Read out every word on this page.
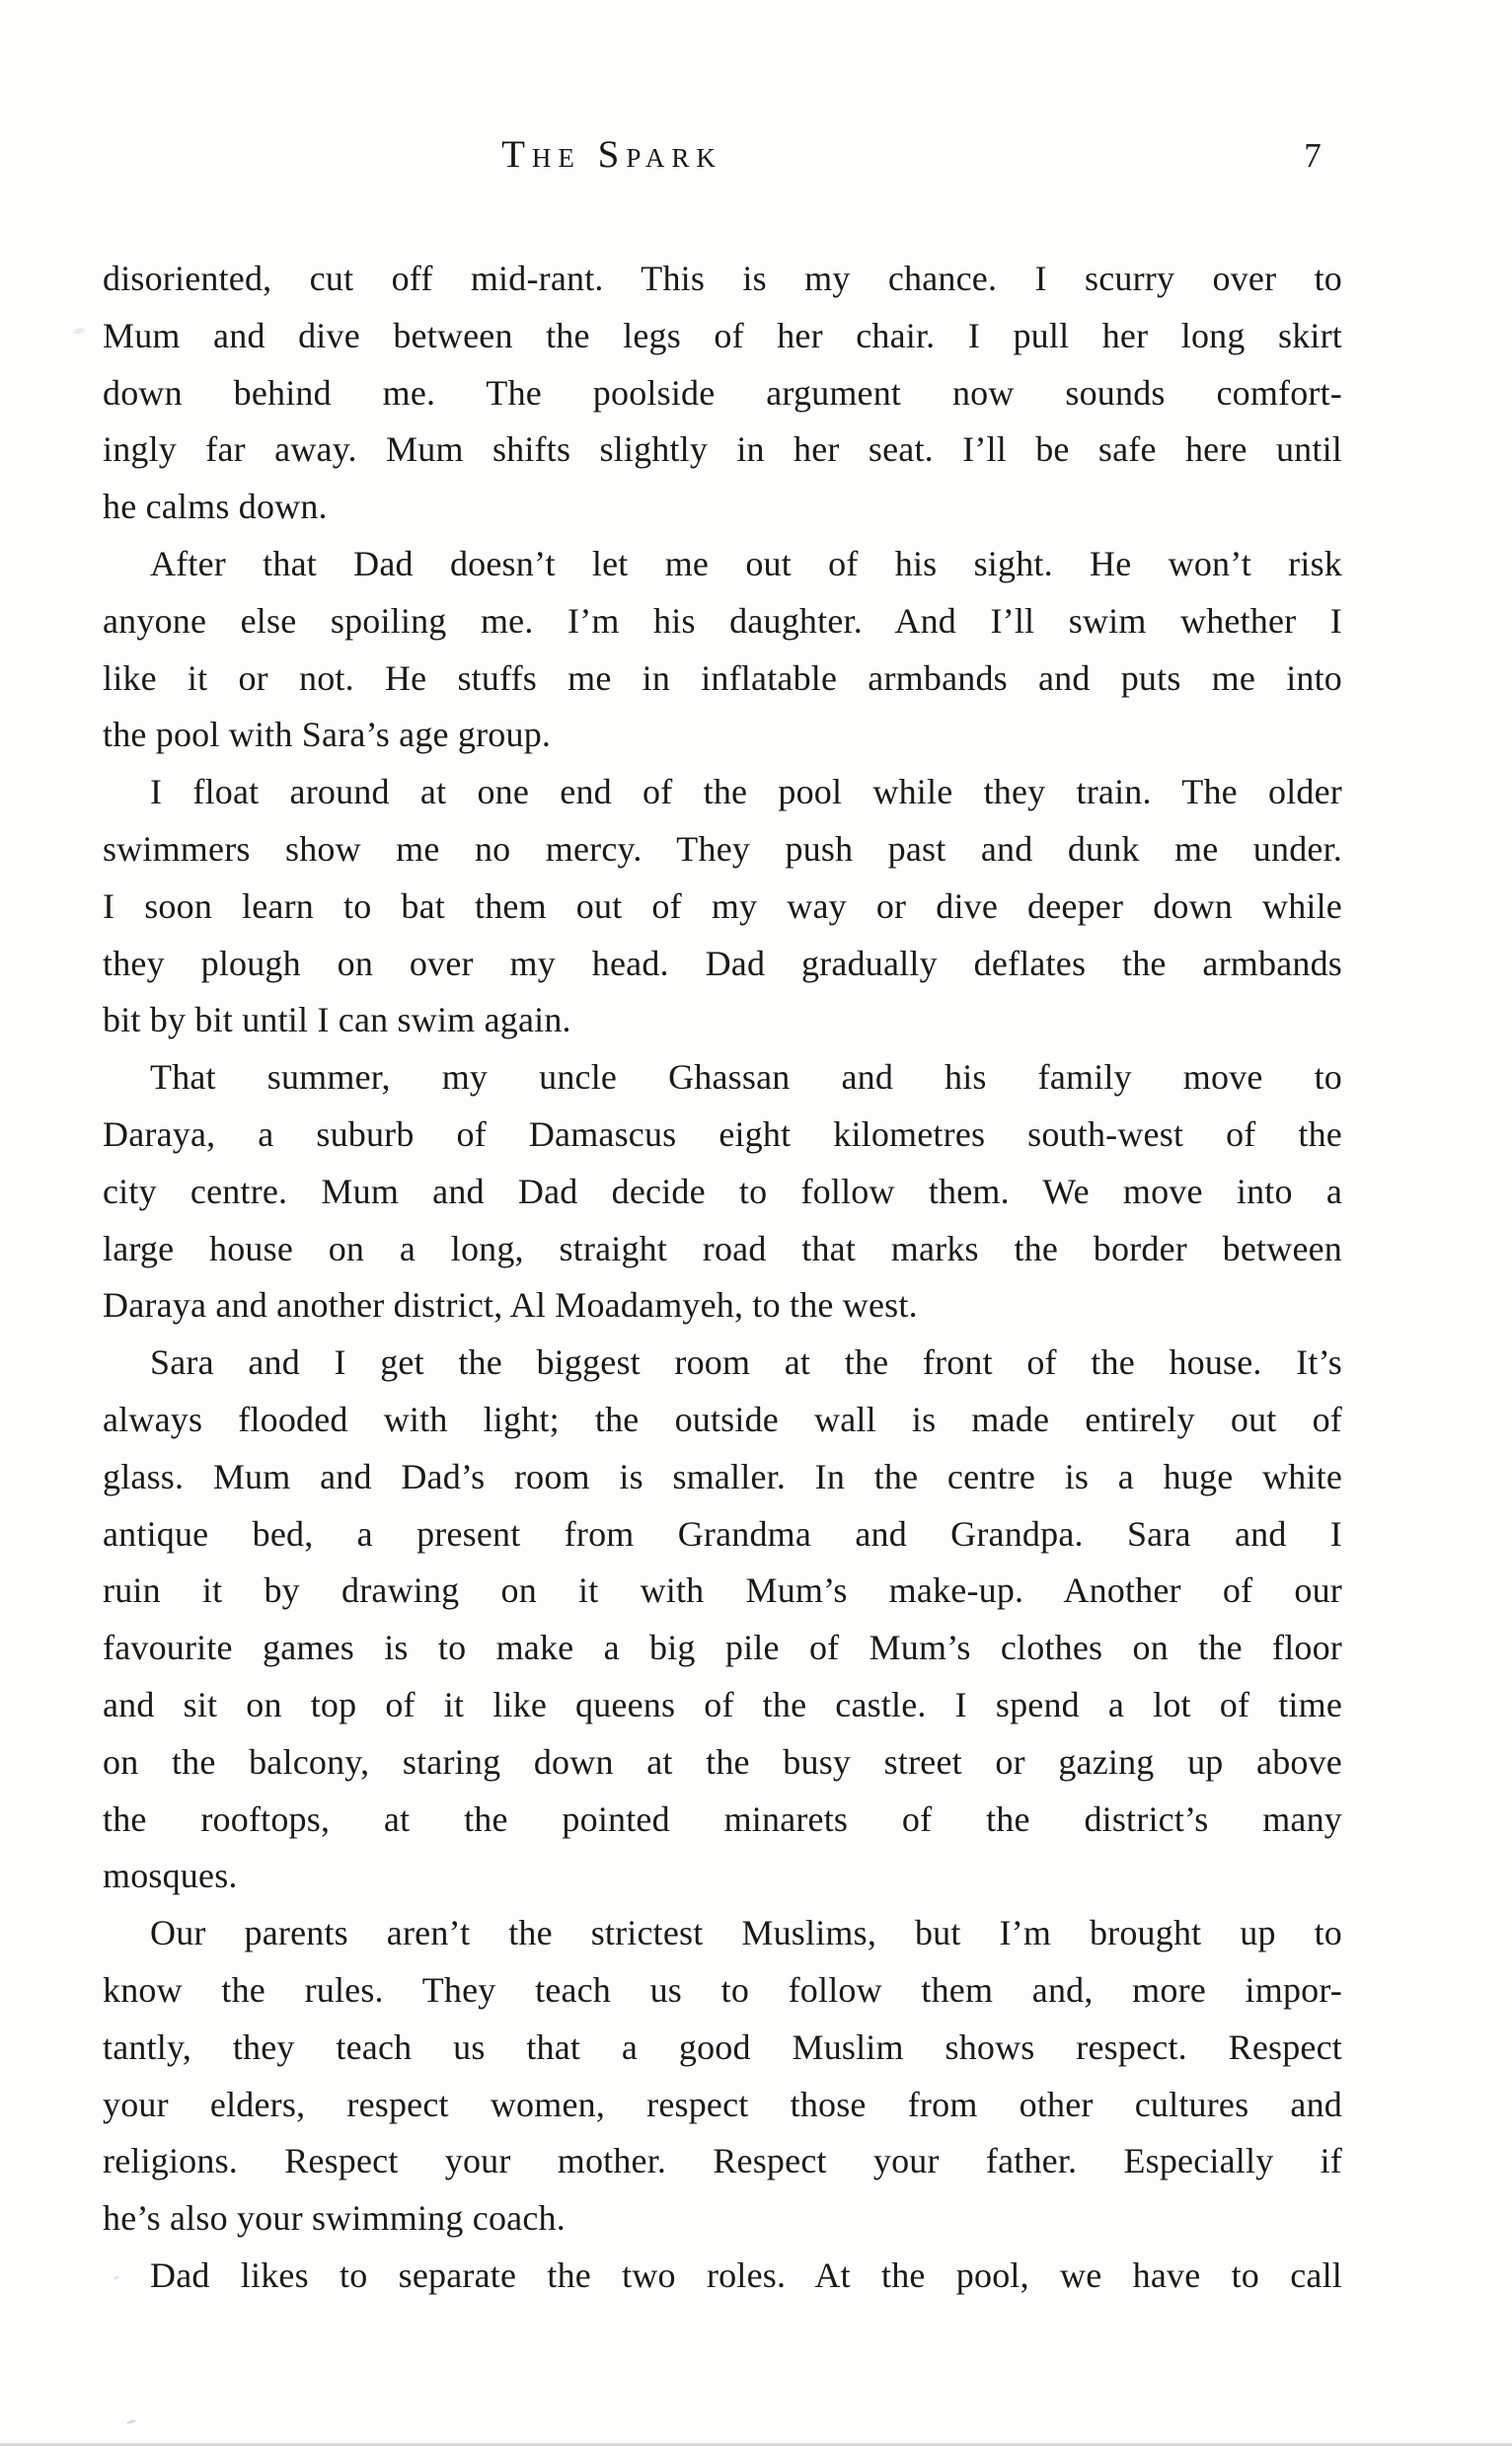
The Spark	7
disoriented, cut off mid-rant. This is my chance. I scurry over to
Mum and dive between the legs of her chair. I pull her long skirt
down behind me. The poolside argument now sounds comfort-
ingly far away. Mum shifts slightly in her seat. I’ll be safe here until
he calms down.
After that Dad doesn’t let me out of his sight. He won’t risk
anyone else spoiling me. I’m his daughter. And I’ll swim whether I
like it or not. He stuffs me in inflatable armbands and puts me into
the pool with Sara’s age group.
I float around at one end of the pool while they train. The older
swimmers show me no mercy. They push past and dunk me under.
I soon learn to bat them out of my way or dive deeper down while
they plough on over my head. Dad gradually deflates the armbands
bit by bit until I can swim again.
That summer, my uncle Ghassan and his family move to
Daraya, a suburb of Damascus eight kilometres south-west of the
city centre. Mum and Dad decide to follow them. We move into a
large house on a long, straight road that marks the border between
Daraya and another district, Al Moadamyeh, to the west.
Sara and I get the biggest room at the front of the house. It’s
always flooded with light; the outside wall is made entirely out of
glass. Mum and Dad’s room is smaller. In the centre is a huge white
antique bed, a present from Grandma and Grandpa. Sara and I
ruin it by drawing on it with Mum’s make-up. Another of our
favourite games is to make a big pile of Mum’s clothes on the floor
and sit on top of it like queens of the castle. I spend a lot of time
on the balcony, staring down at the busy street or gazing up above
the rooftops, at the pointed minarets of the district’s many
mosques.
Our parents aren’t the strictest Muslims, but I’m brought up to
know the rules. They teach us to follow them and, more impor-
tantly, they teach us that a good Muslim shows respect. Respect
your elders, respect women, respect those from other cultures and
religions. Respect your mother. Respect your father. Especially if
he’s also your swimming coach.
Dad likes to separate the two roles. At the pool, we have to call
